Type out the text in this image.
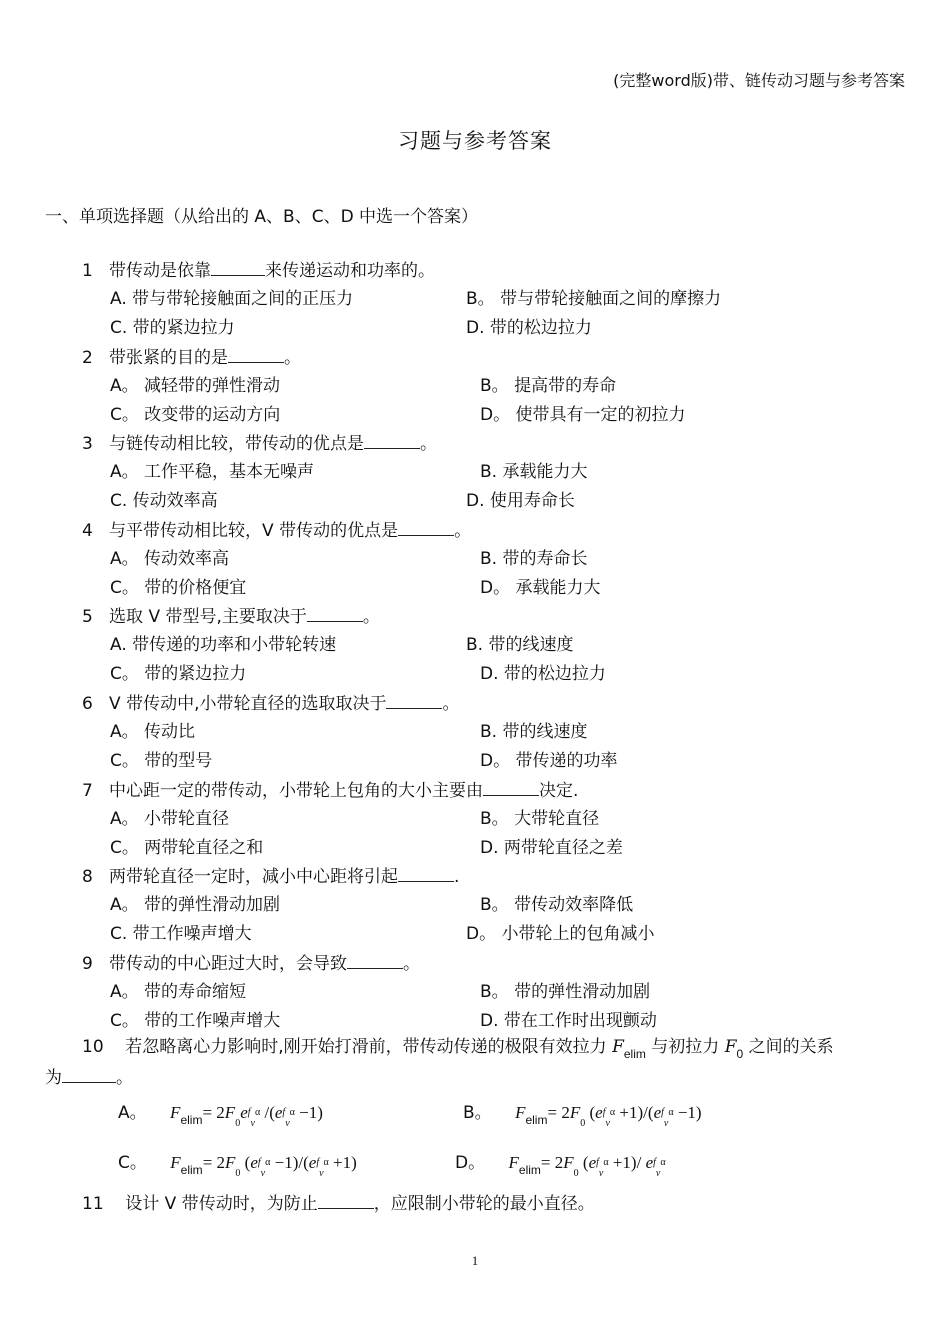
(完整word版)带、链传动习题与参考答案
习题与参考答案
一、单项选择题（从给出的 A、B、C、D 中选一个答案）
1 带传动是依靠	来传递运动和功率的。
A. 带与带轮接触面之间的正压力	B。 带与带轮接触面之间的摩擦力
C. 带的紧边拉力	D. 带的松边拉力
2 带张紧的目的是	。
A。 减轻带的弹性滑动	B。 提高带的寿命
C。 改变带的运动方向	D。 使带具有一定的初拉力
3 与链传动相比较，带传动的优点是	。
A。 工作平稳，基本无噪声	B. 承载能力大
C. 传动效率高	D. 使用寿命长
4 与平带传动相比较，V 带传动的优点是	。
A。 传动效率高	B. 带的寿命长
C。 带的价格便宜	D。 承载能力大
5 选取 V 带型号,主要取决于	。
A. 带传递的功率和小带轮转速	B. 带的线速度
C。 带的紧边拉力	D. 带的松边拉力
6 V 带传动中,小带轮直径的选取取决于	。
A。 传动比	B. 带的线速度
C。 带的型号	D。 带传递的功率
7 中心距一定的带传动，小带轮上包角的大小主要由	决定.
A。 小带轮直径	B。 大带轮直径
C。 两带轮直径之和	D. 两带轮直径之差
8 两带轮直径一定时，减小中心距将引起	.
A。 带的弹性滑动加剧	B。 带传动效率降低
C. 带工作噪声增大	D。 小带轮上的包角减小
9 带传动的中心距过大时，会导致	。
A。 带的寿命缩短	B。 带的弹性滑动加剧
C。 带的工作噪声增大	D. 带在工作时出现颤动
10 若忽略离心力影响时,刚开始打滑前，带传动传递的极限有效拉力 $F_{elim}$ 与初拉力 $F_0$ 之间的关系
为	。
A。 $F_{elim}= 2F_0ef_v\alpha$ $/(ef_v\alpha -1)$	B。 $F_{elim}= 2F_0$ $(ef_v\alpha +1)/(ef_v\alpha -1)$
C。 $F_{elim}= 2F_0$ $(ef_v\alpha -1)/(ef_v\alpha +1)$	D。 $F_{elim}= 2F_0$ $(ef_v\alpha +1)/$ $ef_v\alpha$
11 设计 V 带传动时，为防止	，应限制小带轮的最小直径。
1
